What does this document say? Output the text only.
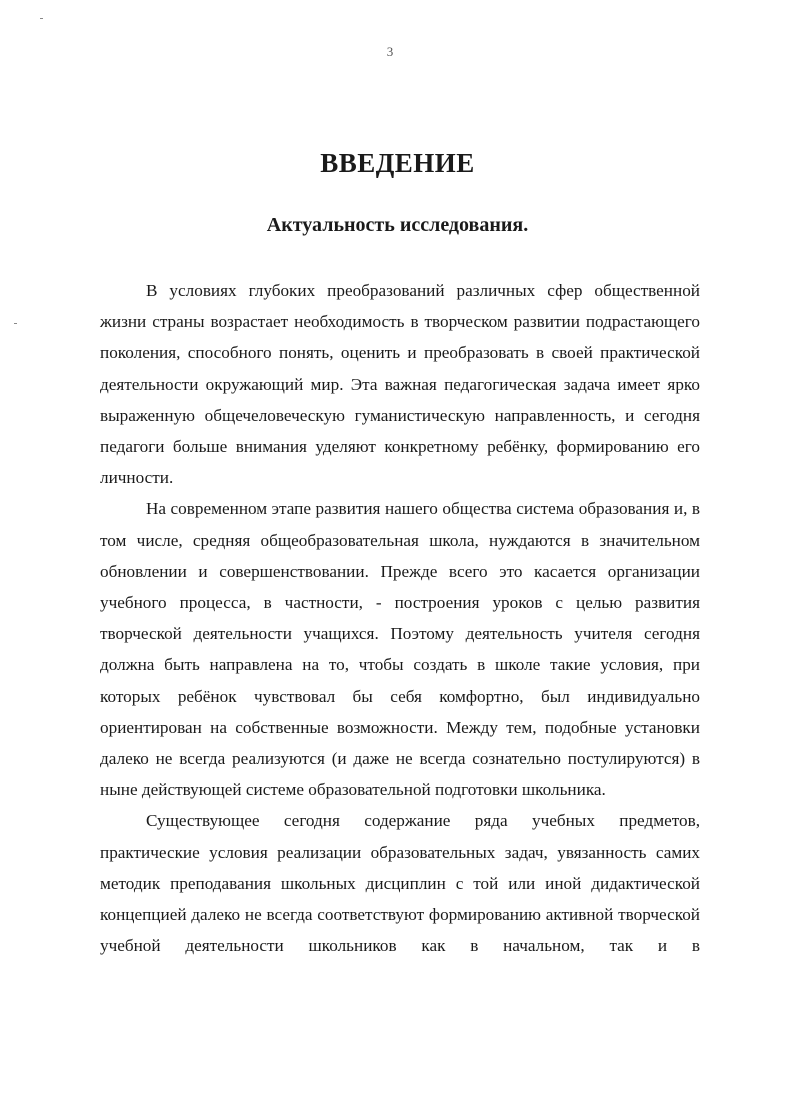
3
ВВЕДЕНИЕ
Актуальность исследования.

В условиях глубоких преобразований различных сфер общественной жизни страны возрастает необходимость в творческом развитии подрастающего поколения, способного понять, оценить и преобразовать в своей практической деятельности окружающий мир. Эта важная педагогическая задача имеет ярко выраженную общечеловеческую гуманистическую направленность, и сегодня педагоги больше внимания уделяют конкретному ребёнку, формированию его личности.

На современном этапе развития нашего общества система образования и, в том числе, средняя общеобразовательная школа, нуждаются в значительном обновлении и совершенствовании. Прежде всего это касается организации учебного процесса, в частности, - построения уроков с целью развития творческой деятельности учащихся. Поэтому деятельность учителя сегодня должна быть направлена на то, чтобы создать в школе такие условия, при которых ребёнок чувствовал бы себя комфортно, был индивидуально ориентирован на собственные возможности. Между тем, подобные установки далеко не всегда реализуются (и даже не всегда сознательно постулируются) в ныне действующей системе образовательной подготовки школьника.

Существующее сегодня содержание ряда учебных предметов, практические условия реализации образовательных задач, увязанность самих методик преподавания школьных дисциплин с той или иной дидактической концепцией далеко не всегда соответствуют формированию активной творческой учебной деятельности школьников как в начальном, так и в
